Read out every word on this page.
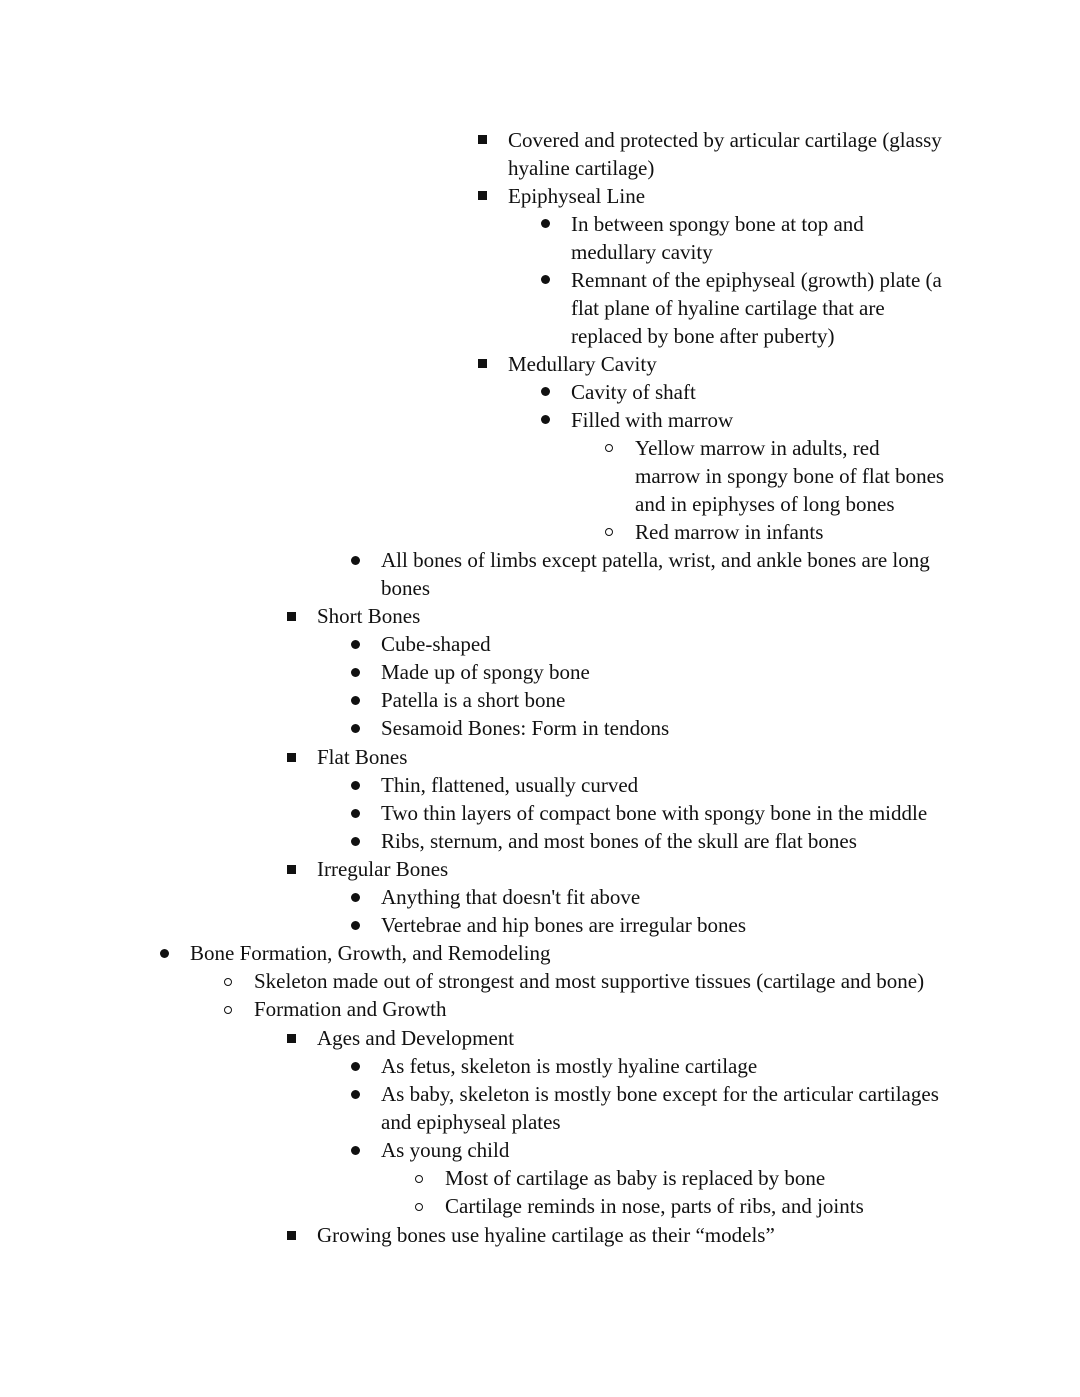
Covered and protected by articular cartilage (glassy
hyaline cartilage)
Epiphyseal Line
In between spongy bone at top and
medullary cavity
Remnant of the epiphyseal (growth) plate (a
flat plane of hyaline cartilage that are
replaced by bone after puberty)
Medullary Cavity
Cavity of shaft
Filled with marrow
Yellow marrow in adults, red
marrow in spongy bone of flat bones
and in epiphyses of long bones
Red marrow in infants
All bones of limbs except patella, wrist, and ankle bones are long
bones
Short Bones
Cube-shaped
Made up of spongy bone
Patella is a short bone
Sesamoid Bones: Form in tendons
Flat Bones
Thin, flattened, usually curved
Two thin layers of compact bone with spongy bone in the middle
Ribs, sternum, and most bones of the skull are flat bones
Irregular Bones
Anything that doesn't fit above
Vertebrae and hip bones are irregular bones
Bone Formation, Growth, and Remodeling
Skeleton made out of strongest and most supportive tissues (cartilage and bone)
Formation and Growth
Ages and Development
As fetus, skeleton is mostly hyaline cartilage
As baby, skeleton is mostly bone except for the articular cartilages
and epiphyseal plates
As young child
Most of cartilage as baby is replaced by bone
Cartilage reminds in nose, parts of ribs, and joints
Growing bones use hyaline cartilage as their “models”
